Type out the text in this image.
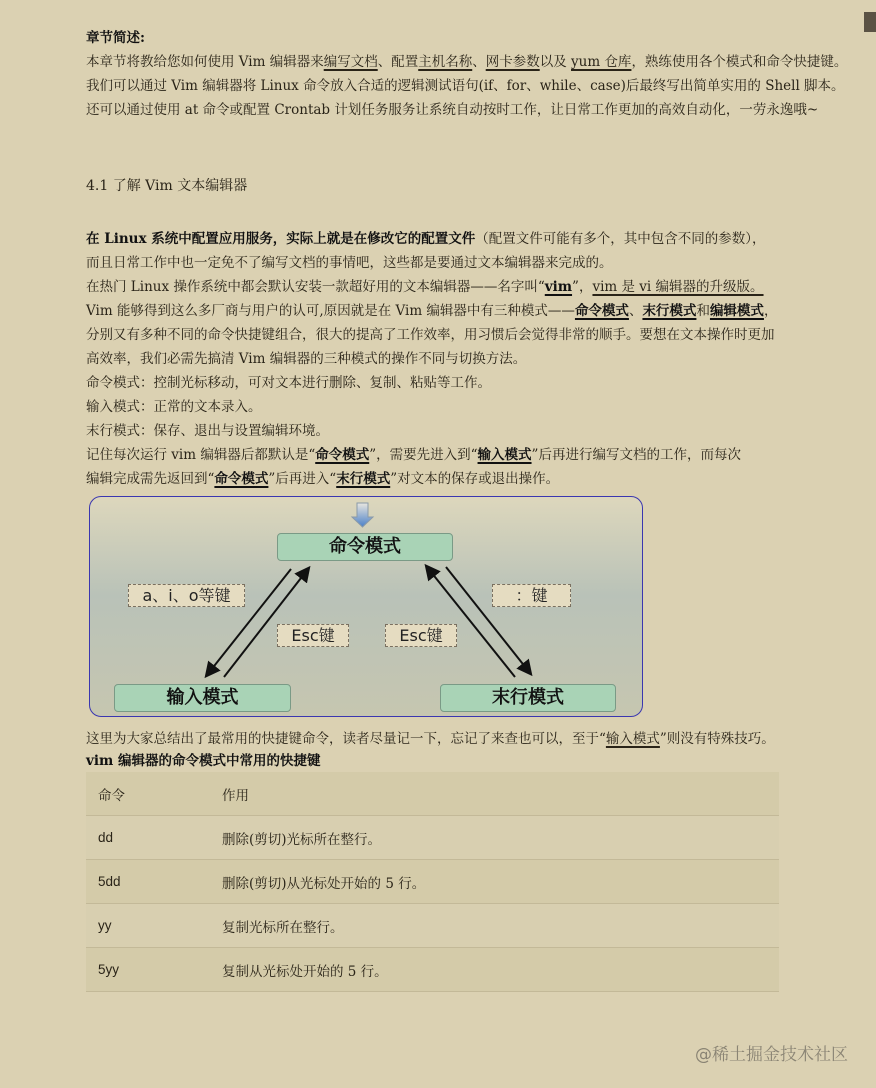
章节简述:
本章节将教给您如何使用 Vim 编辑器来编写文档、配置主机名称、网卡参数以及 yum 仓库，熟练使用各个模式和命令快捷键。
我们可以通过 Vim 编辑器将 Linux 命令放入合适的逻辑测试语句(if、for、while、case)后最终写出简单实用的 Shell 脚本。
还可以通过使用 at 命令或配置 Crontab 计划任务服务让系统自动按时工作，让日常工作更加的高效自动化，一劳永逸哦~
4.1 了解 Vim 文本编辑器
在 Linux 系统中配置应用服务，实际上就是在修改它的配置文件（配置文件可能有多个，其中包含不同的参数），
而且日常工作中也一定免不了编写文档的事情吧，这些都是要通过文本编辑器来完成的。
在热门 Linux 操作系统中都会默认安装一款超好用的文本编辑器——名字叫“vim”，vim 是 vi 编辑器的升级版。
Vim 能够得到这么多厂商与用户的认可,原因就是在 Vim 编辑器中有三种模式——命令模式、末行模式和编辑模式，
分别又有多种不同的命令快捷键组合，很大的提高了工作效率，用习惯后会觉得非常的顺手。要想在文本操作时更加
高效率，我们必需先搞清 Vim 编辑器的三种模式的操作不同与切换方法。
命令模式：控制光标移动，可对文本进行删除、复制、粘贴等工作。
输入模式：正常的文本录入。
末行模式：保存、退出与设置编辑环境。
记住每次运行 vim 编辑器后都默认是“命令模式”，需要先进入到“输入模式”后再进行编写文档的工作，而每次
编辑完成需先返回到“命令模式”后再进入“末行模式”对文本的保存或退出操作。
命令模式
输入模式	末行模式
a、i、o等键
Esc键	Esc键
：键
这里为大家总结出了最常用的快捷键命令，读者尽量记一下，忘记了来查也可以，至于“输入模式”则没有特殊技巧。
vim 编辑器的命令模式中常用的快捷键
命令	作用
dd	删除(剪切)光标所在整行。
5dd	删除(剪切)从光标处开始的 5 行。
yy	复制光标所在整行。
5yy	复制从光标处开始的 5 行。
@稀土掘金技术社区
